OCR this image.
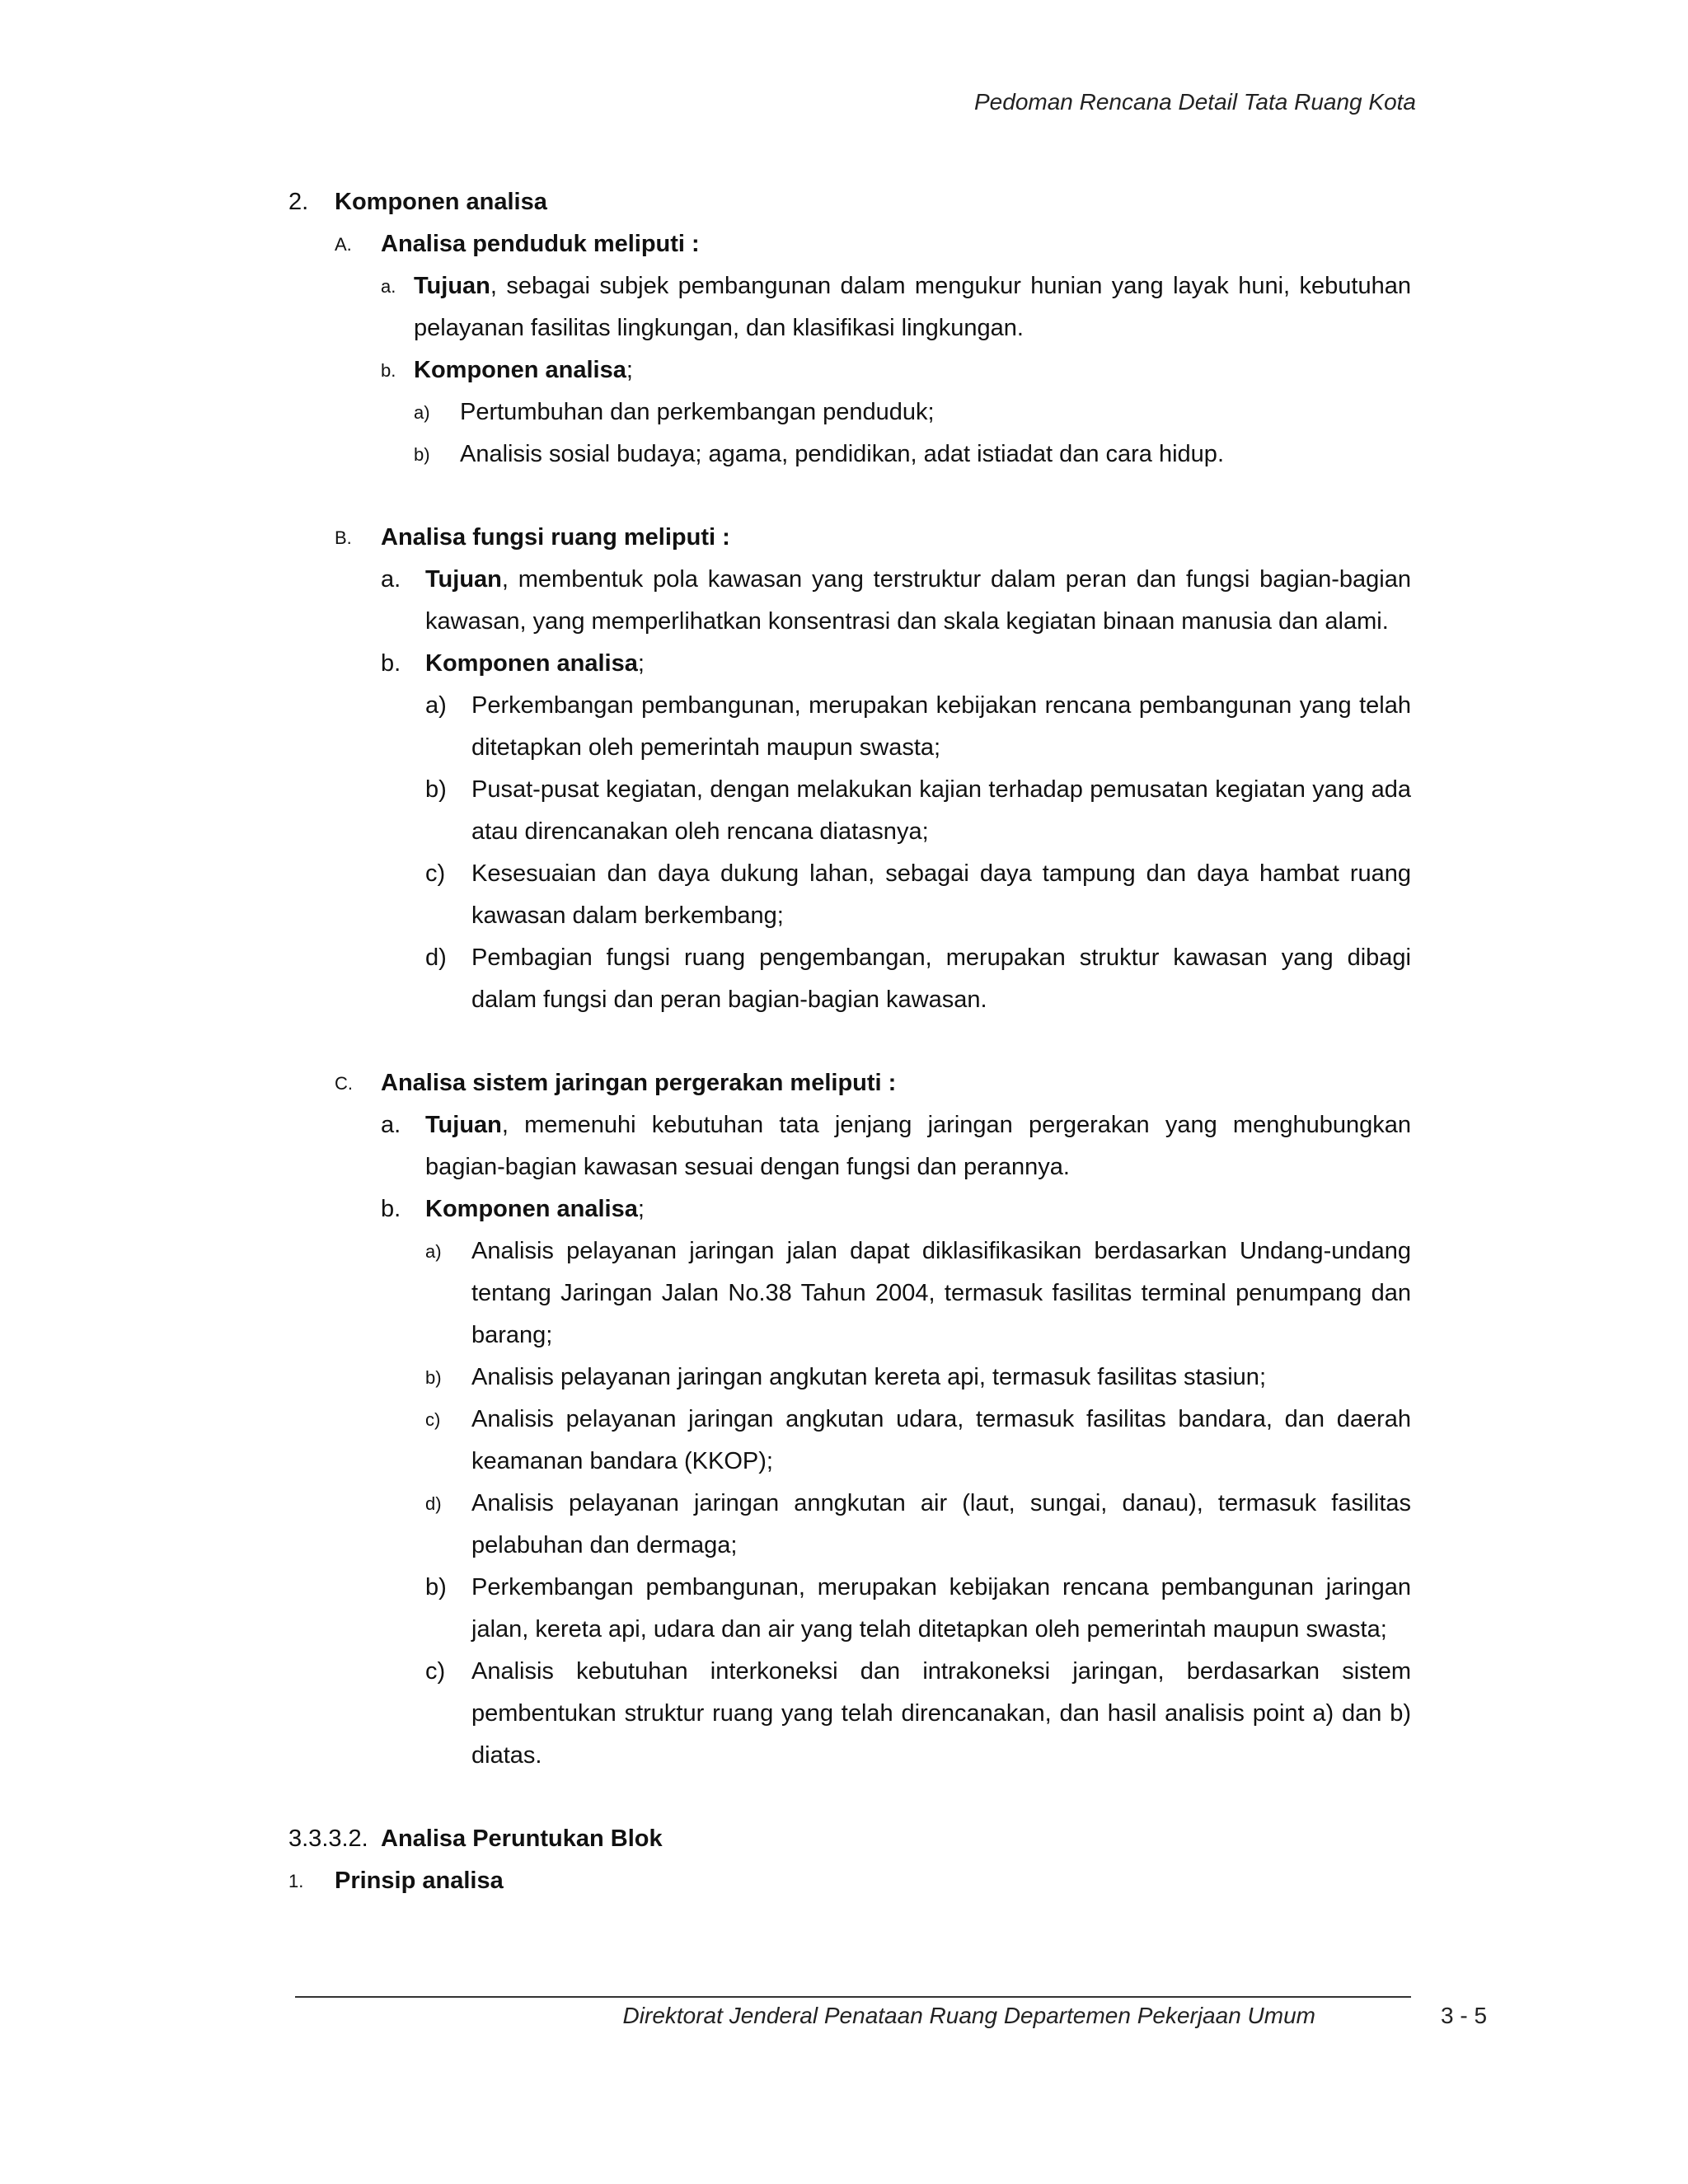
Pedoman Rencana Detail Tata Ruang Kota
2.	Komponen analisa
A.	Analisa penduduk meliputi :
a. Tujuan, sebagai subjek pembangunan dalam mengukur hunian yang layak huni, kebutuhan pelayanan fasilitas lingkungan, dan klasifikasi lingkungan.
b. Komponen analisa;
a)	Pertumbuhan dan perkembangan penduduk;
b)	Analisis sosial budaya; agama, pendidikan, adat istiadat dan cara hidup.
B.	Analisa fungsi ruang meliputi :
a.	Tujuan, membentuk pola kawasan yang terstruktur dalam peran dan fungsi bagian-bagian kawasan, yang memperlihatkan konsentrasi dan skala kegiatan binaan manusia dan alami.
b.	Komponen analisa;
a)	Perkembangan pembangunan, merupakan kebijakan rencana pembangunan yang telah ditetapkan oleh pemerintah maupun swasta;
b)	Pusat-pusat kegiatan, dengan melakukan kajian terhadap pemusatan kegiatan yang ada atau direncanakan oleh rencana diatasnya;
c)	Kesesuaian dan daya dukung lahan, sebagai daya tampung dan daya hambat ruang kawasan dalam berkembang;
d)	Pembagian fungsi ruang pengembangan, merupakan struktur kawasan yang dibagi dalam fungsi dan peran bagian-bagian kawasan.
C.	Analisa sistem jaringan pergerakan meliputi :
a.	Tujuan, memenuhi kebutuhan tata jenjang jaringan pergerakan yang menghubungkan bagian-bagian kawasan sesuai dengan fungsi dan perannya.
b.	Komponen analisa;
a)	Analisis pelayanan jaringan jalan dapat diklasifikasikan berdasarkan Undang-undang tentang Jaringan Jalan No.38 Tahun 2004, termasuk fasilitas terminal penumpang dan barang;
b)	Analisis pelayanan jaringan angkutan kereta api, termasuk fasilitas stasiun;
c)	Analisis pelayanan jaringan angkutan udara, termasuk fasilitas bandara, dan daerah keamanan bandara (KKOP);
d)	Analisis pelayanan jaringan anngkutan air (laut, sungai, danau), termasuk fasilitas pelabuhan dan dermaga;
b)	Perkembangan pembangunan, merupakan kebijakan rencana pembangunan jaringan jalan, kereta api, udara dan air yang telah ditetapkan oleh pemerintah maupun swasta;
c)	Analisis kebutuhan interkoneksi dan intrakoneksi jaringan, berdasarkan sistem pembentukan struktur ruang yang telah direncanakan, dan hasil analisis point a) dan b) diatas.
3.3.3.2. Analisa Peruntukan Blok
1.	Prinsip analisa
Direktorat Jenderal Penataan Ruang Departemen Pekerjaan Umum	3 - 5
